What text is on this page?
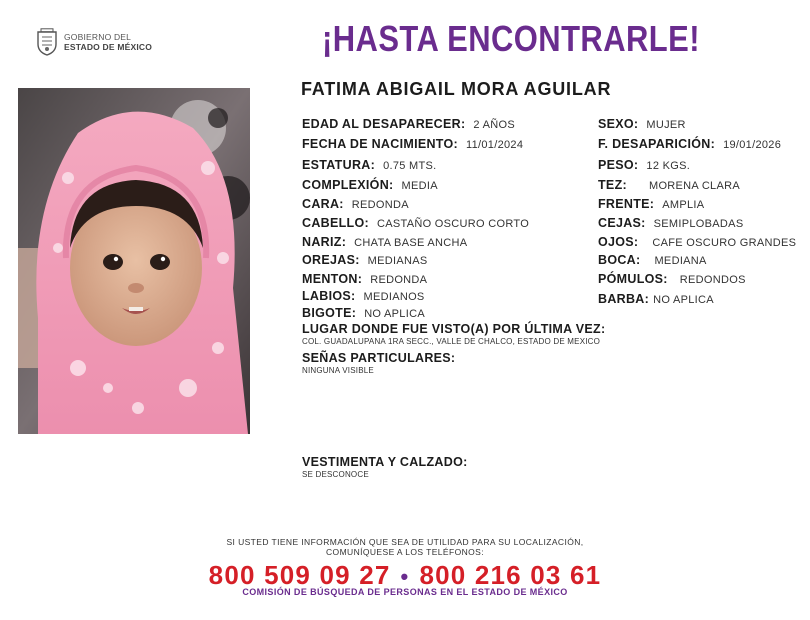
GOBIERNO DEL
ESTADO DE MÉXICO	¡HASTA ENCONTRARLE!
FATIMA ABIGAIL MORA AGUILAR
EDAD AL DESAPARECER: 2 AÑOS
FECHA DE NACIMIENTO: 11/01/2024
ESTATURA: 0.75 MTS.
COMPLEXIÓN: MEDIA
CARA: REDONDA
CABELLO: CASTAÑO OSCURO CORTO
NARIZ: CHATA BASE ANCHA
OREJAS: MEDIANAS
MENTON: REDONDA
LABIOS: MEDIANOS
BIGOTE: NO APLICA
SEXO: MUJER
F. DESAPARICIÓN: 19/01/2026
PESO: 12 KGS.
TEZ: MORENA CLARA
FRENTE: AMPLIA
CEJAS: SEMIPLOBADAS
OJOS: CAFE OSCURO GRANDES
BOCA: MEDIANA
PÓMULOS: REDONDOS
BARBA: NO APLICA
LUGAR DONDE FUE VISTO(A) POR ÚLTIMA VEZ:
COL. GUADALUPANA 1RA SECC., VALLE DE CHALCO, ESTADO DE MEXICO
SEÑAS PARTICULARES:
NINGUNA VISIBLE
VESTIMENTA Y CALZADO:
SE DESCONOCE
SI USTED TIENE INFORMACIÓN QUE SEA DE UTILIDAD PARA SU LOCALIZACIÓN,
COMUNÍQUESE A LOS TELÉFONOS:
800 509 09 27 • 800 216 03 61
COMISIÓN DE BÚSQUEDA DE PERSONAS EN EL ESTADO DE MÉXICO
